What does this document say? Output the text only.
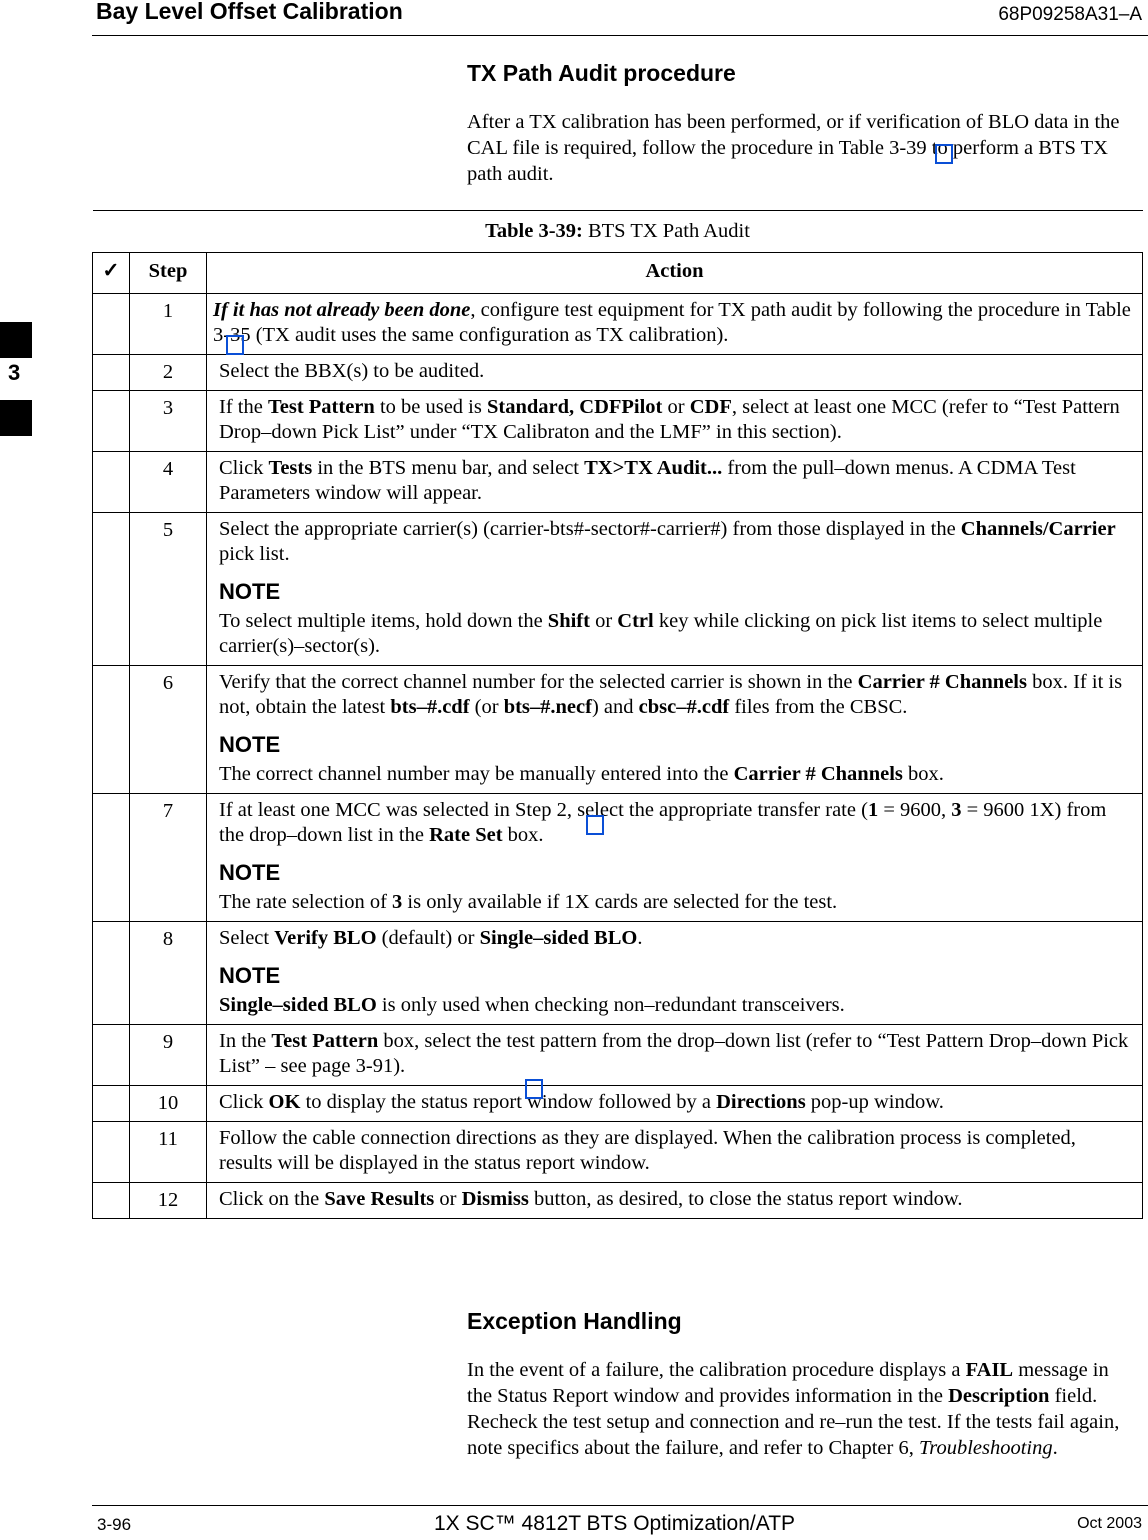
Bay Level Offset Calibration	68P09258A31–A
3
TX Path Audit procedure
After a TX calibration has been performed, or if verification of BLO data in the CAL file is required, follow the procedure in Table 3-39 to perform a BTS TX path audit.
Table 3-39: BTS TX Path Audit		
✓	Step	Action
	1	If it has not already been done, configure test equipment for TX path audit by following the procedure in Table 3-35 (TX audit uses the same configuration as TX calibration).
	2	Select the BBX(s) to be audited.
	3	If the Test Pattern to be used is Standard, CDFPilot or CDF, select at least one MCC (refer to “Test Pattern Drop–down Pick List” under “TX Calibraton and the LMF” in this section).
	4	Click Tests in the BTS menu bar, and select TX>TX Audit... from the pull–down menus. A CDMA Test Parameters window will appear.
	5	Select the appropriate carrier(s) (carrier-bts#-sector#-carrier#) from those displayed in the Channels/Carrier pick list.
NOTE
To select multiple items, hold down the Shift or Ctrl key while clicking on pick list items to select multiple carrier(s)–sector(s).

	6	Verify that the correct channel number for the selected carrier is shown in the Carrier # Channels box. If it is not, obtain the latest bts–#.cdf (or bts–#.necf) and cbsc–#.cdf files from the CBSC.
NOTE
The correct channel number may be manually entered into the Carrier # Channels box.

	7	If at least one MCC was selected in Step 2, select the appropriate transfer rate (1 = 9600, 3 = 9600 1X) from the drop–down list in the Rate Set box.
NOTE
The rate selection of 3 is only available if 1X cards are selected for the test.

	8	Select Verify BLO (default) or Single–sided BLO.
NOTE
Single–sided BLO is only used when checking non–redundant transceivers.

	9	In the Test Pattern box, select the test pattern from the drop–down list (refer to “Test Pattern Drop–down Pick List” – see page 3-91).
	10	Click OK to display the status report window followed by a Directions pop-up window.
	11	Follow the cable connection directions as they are displayed. When the calibration process is completed, results will be displayed in the status report window.
	12	Click on the Save Results or Dismiss button, as desired, to close the status report window.
Exception Handling
In the event of a failure, the calibration procedure displays a FAIL message in the Status Report window and provides information in the Description field. Recheck the test setup and connection and re–run the test. If the tests fail again, note specifics about the failure, and refer to Chapter 6, Troubleshooting.
3-96	1X SC™ 4812T BTS Optimization/ATP	Oct 2003
